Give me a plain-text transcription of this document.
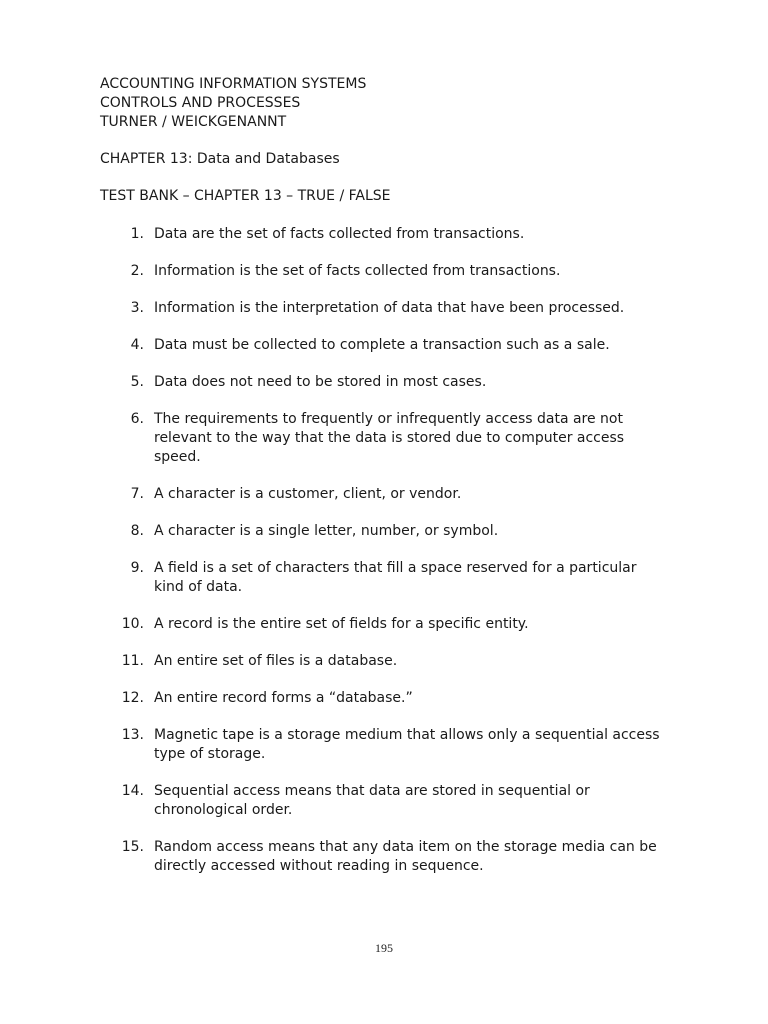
ACCOUNTING INFORMATION SYSTEMS
CONTROLS AND PROCESSES
TURNER / WEICKGENANNT
CHAPTER 13: Data and Databases
TEST BANK – CHAPTER 13 – TRUE / FALSE
1. Data are the set of facts collected from transactions.
2. Information is the set of facts collected from transactions.
3. Information is the interpretation of data that have been processed.
4. Data must be collected to complete a transaction such as a sale.
5. Data does not need to be stored in most cases.
6. The requirements to frequently or infrequently access data are not relevant to the way that the data is stored due to computer access speed.
7. A character is a customer, client, or vendor.
8. A character is a single letter, number, or symbol.
9. A field is a set of characters that fill a space reserved for a particular kind of data.
10. A record is the entire set of fields for a specific entity.
11. An entire set of files is a database.
12. An entire record forms a “database.”
13. Magnetic tape is a storage medium that allows only a sequential access type of storage.
14. Sequential access means that data are stored in sequential or chronological order.
15. Random access means that any data item on the storage media can be directly accessed without reading in sequence.
195
